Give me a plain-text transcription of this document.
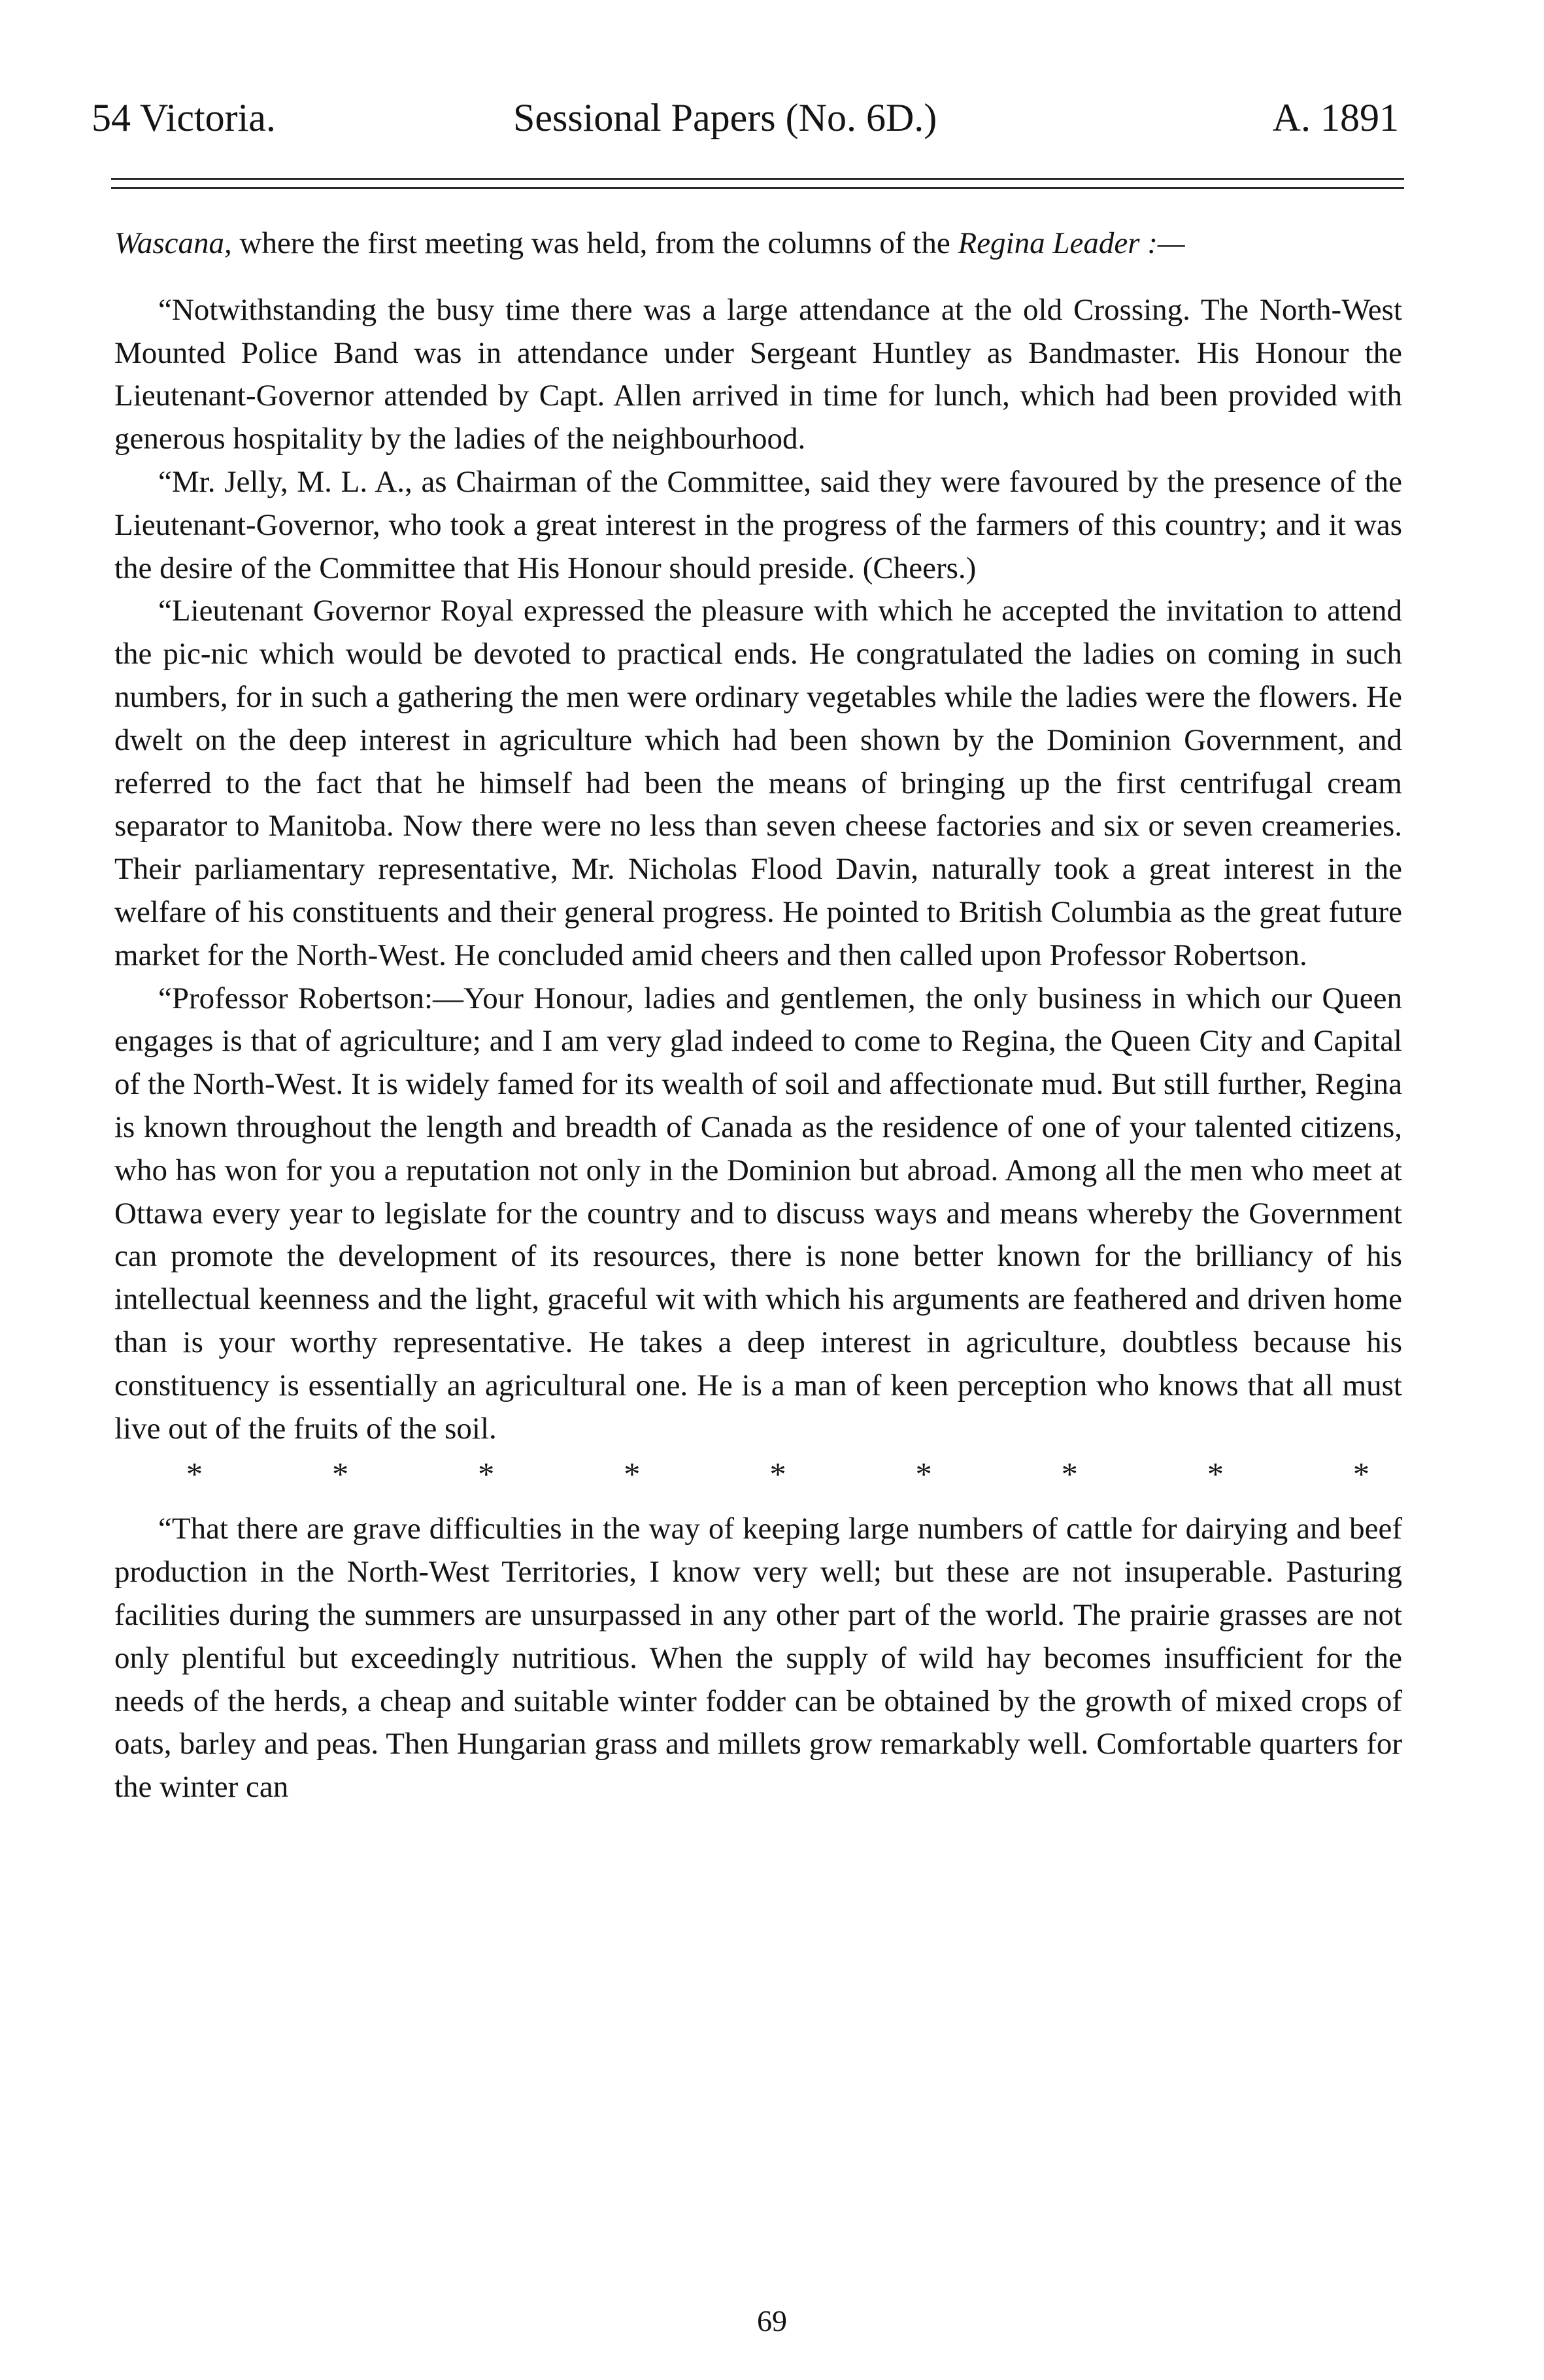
54 Victoria.	Sessional Papers (No. 6D.)	A. 1891

Wascana, where the first meeting was held, from the columns of the Regina Leader :—

“Notwithstanding the busy time there was a large attendance at the old Crossing. The North-West Mounted Police Band was in attendance under Sergeant Huntley as Bandmaster. His Honour the Lieutenant-Governor attended by Capt. Allen arrived in time for lunch, which had been provided with generous hospitality by the ladies of the neighbourhood.

“Mr. Jelly, M. L. A., as Chairman of the Committee, said they were favoured by the presence of the Lieutenant-Governor, who took a great interest in the progress of the farmers of this country; and it was the desire of the Committee that His Honour should preside. (Cheers.)

“Lieutenant Governor Royal expressed the pleasure with which he accepted the invitation to attend the pic-nic which would be devoted to practical ends. He congratulated the ladies on coming in such numbers, for in such a gathering the men were ordinary vegetables while the ladies were the flowers. He dwelt on the deep interest in agriculture which had been shown by the Dominion Government, and referred to the fact that he himself had been the means of bringing up the first centrifugal cream separator to Manitoba. Now there were no less than seven cheese factories and six or seven creameries. Their parliamentary representative, Mr. Nicholas Flood Davin, naturally took a great interest in the welfare of his constituents and their general progress. He pointed to British Columbia as the great future market for the North-West. He concluded amid cheers and then called upon Professor Robertson.

“Professor Robertson:—Your Honour, ladies and gentlemen, the only business in which our Queen engages is that of agriculture; and I am very glad indeed to come to Regina, the Queen City and Capital of the North-West. It is widely famed for its wealth of soil and affectionate mud. But still further, Regina is known throughout the length and breadth of Canada as the residence of one of your talented citizens, who has won for you a reputation not only in the Dominion but abroad. Among all the men who meet at Ottawa every year to legislate for the country and to discuss ways and means whereby the Government can promote the development of its resources, there is none better known for the brilliancy of his intellectual keenness and the light, graceful wit with which his arguments are feathered and driven home than is your worthy representative. He takes a deep interest in agriculture, doubtless because his constituency is essentially an agricultural one. He is a man of keen perception who knows that all must live out of the fruits of the soil.

*	*	*	*	*	*	*	*	*

“That there are grave difficulties in the way of keeping large numbers of cattle for dairying and beef production in the North-West Territories, I know very well; but these are not insuperable. Pasturing facilities during the summers are unsurpassed in any other part of the world. The prairie grasses are not only plentiful but exceedingly nutritious. When the supply of wild hay becomes insufficient for the needs of the herds, a cheap and suitable winter fodder can be obtained by the growth of mixed crops of oats, barley and peas. Then Hungarian grass and millets grow remarkably well. Comfortable quarters for the winter can

69
